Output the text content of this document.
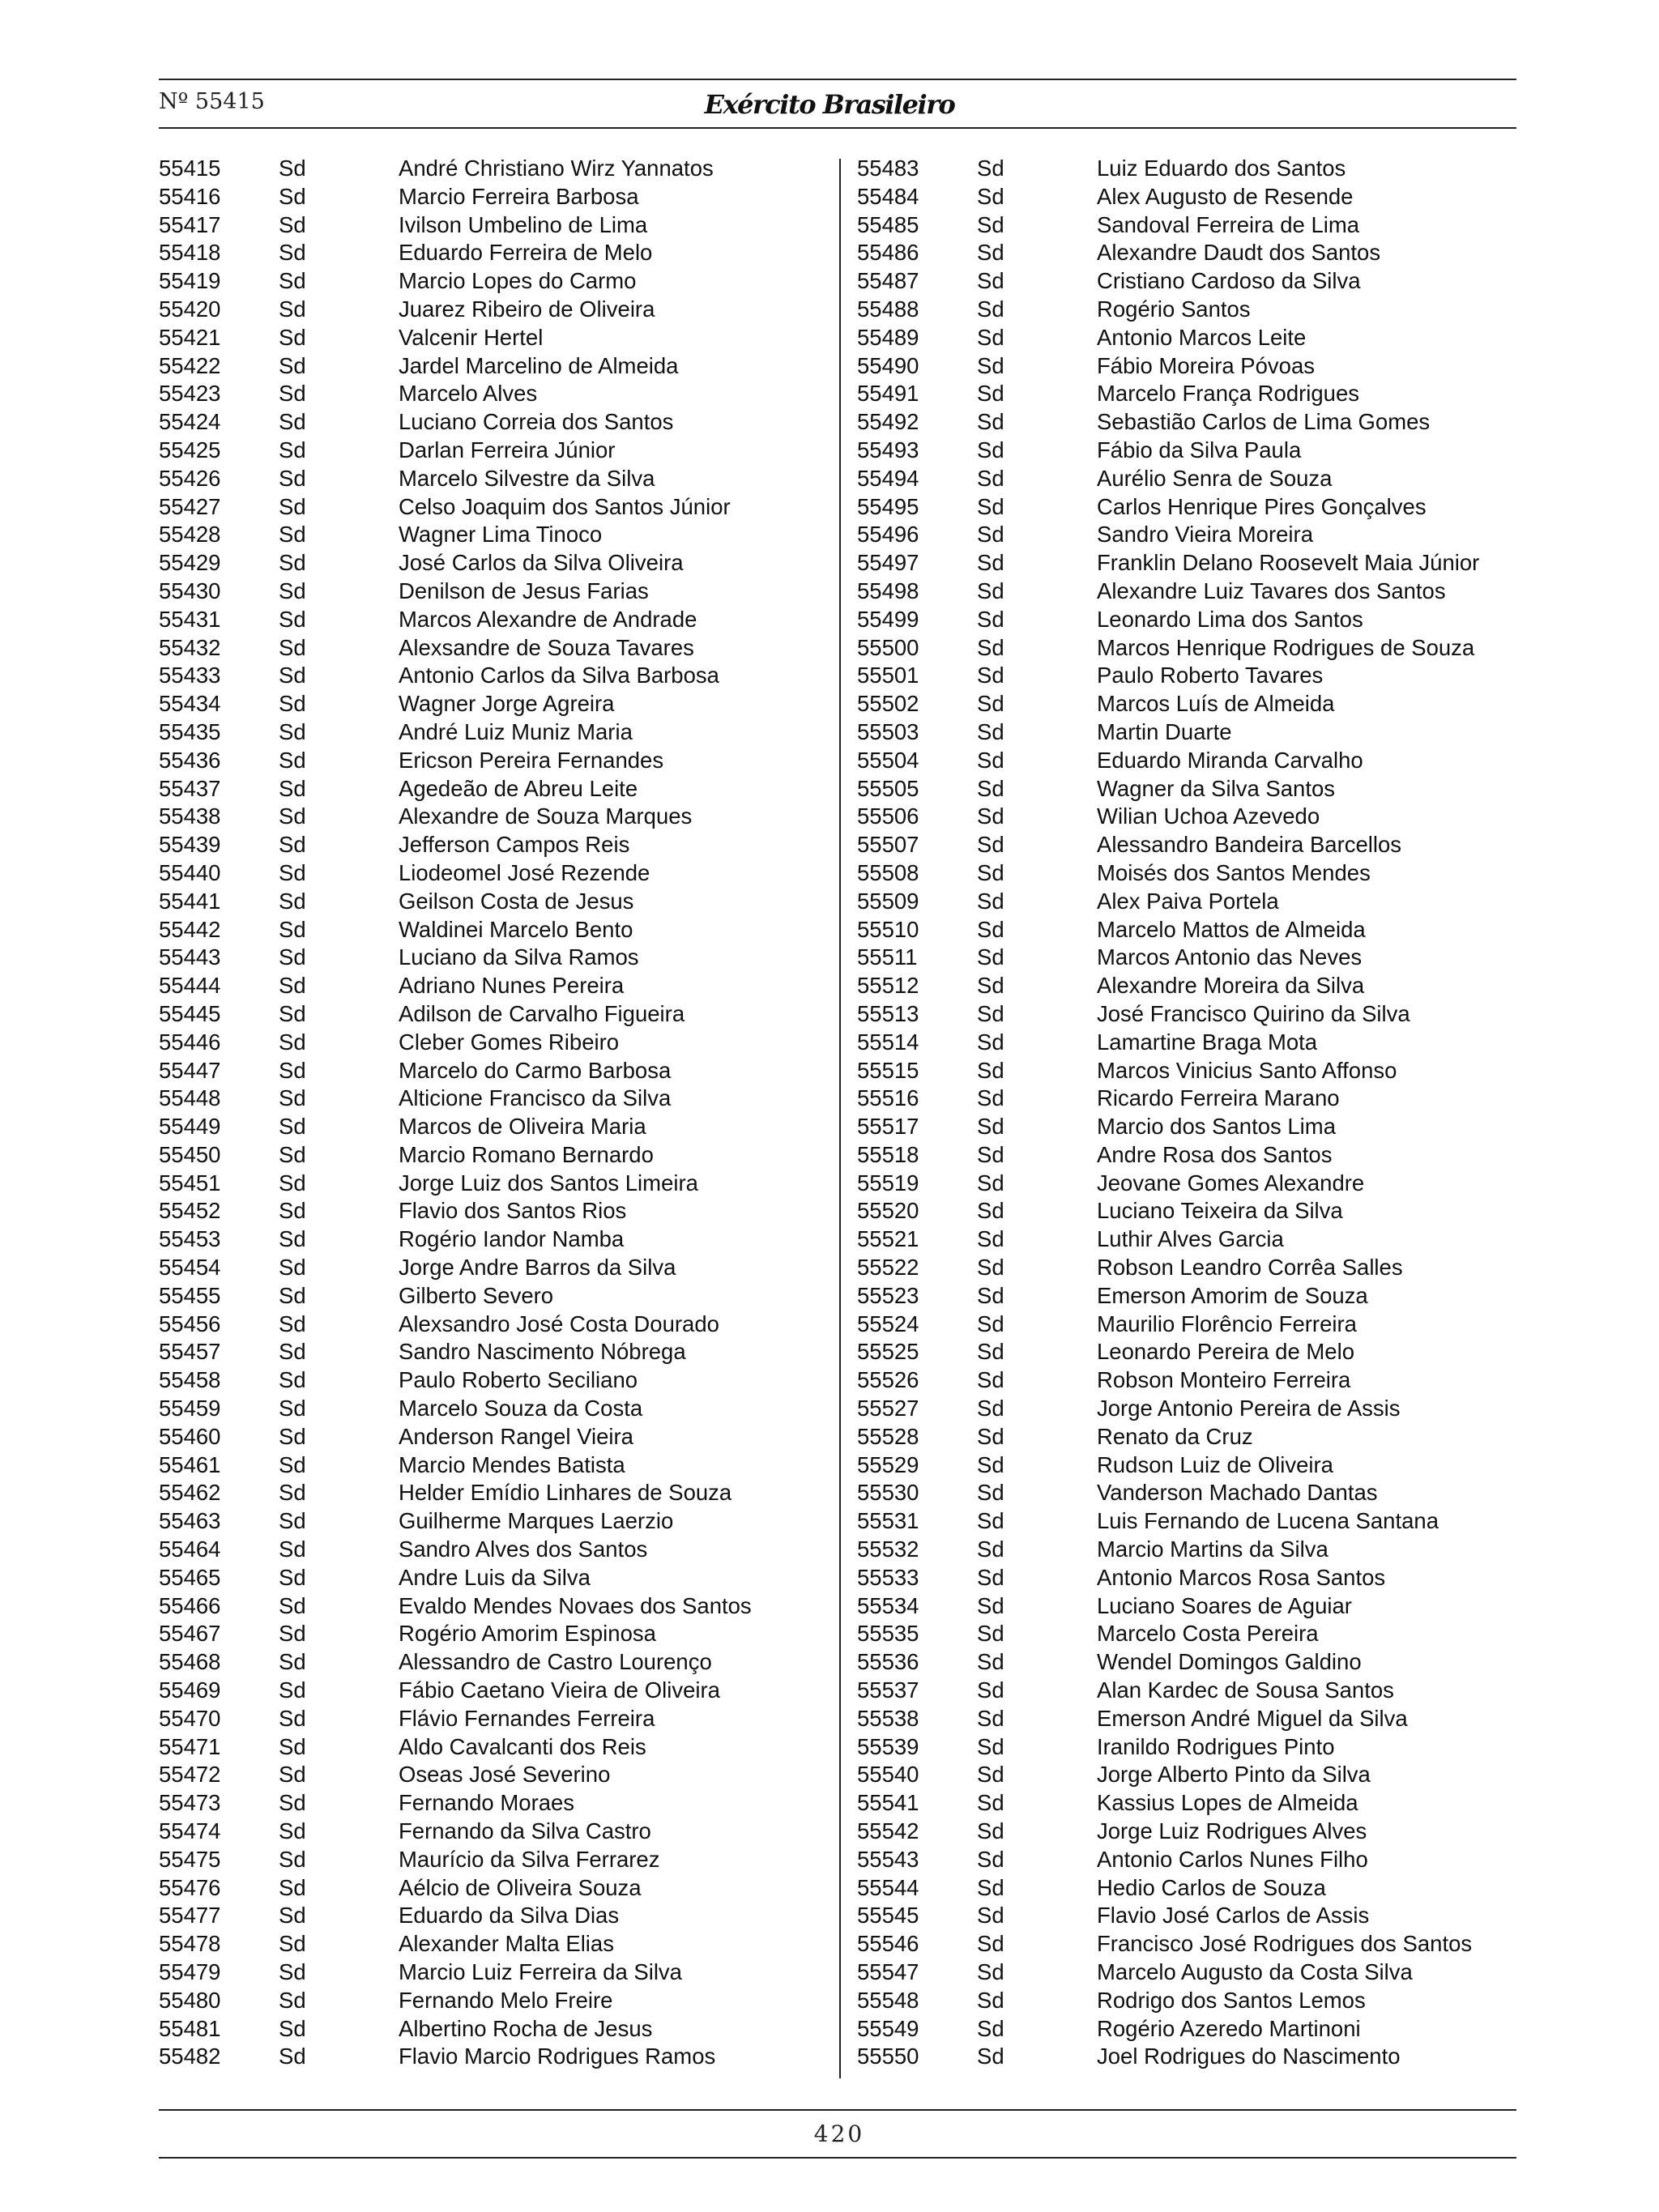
Nº 55415	Exército Brasileiro
55415	Sd	André Christiano Wirz Yannatos
55416	Sd	Marcio Ferreira Barbosa
55417	Sd	Ivilson Umbelino de Lima
55418	Sd	Eduardo Ferreira de Melo
55419	Sd	Marcio Lopes do Carmo
55420	Sd	Juarez Ribeiro de Oliveira
55421	Sd	Valcenir Hertel
55422	Sd	Jardel Marcelino de Almeida
55423	Sd	Marcelo Alves
55424	Sd	Luciano Correia dos Santos
55425	Sd	Darlan Ferreira Júnior
55426	Sd	Marcelo Silvestre da Silva
55427	Sd	Celso Joaquim dos Santos Júnior
55428	Sd	Wagner Lima Tinoco
55429	Sd	José Carlos da Silva Oliveira
55430	Sd	Denilson de Jesus Farias
55431	Sd	Marcos Alexandre de Andrade
55432	Sd	Alexsandre de Souza Tavares
55433	Sd	Antonio Carlos da Silva Barbosa
55434	Sd	Wagner Jorge Agreira
55435	Sd	André Luiz Muniz Maria
55436	Sd	Ericson Pereira Fernandes
55437	Sd	Agedeão de Abreu Leite
55438	Sd	Alexandre de Souza Marques
55439	Sd	Jefferson Campos Reis
55440	Sd	Liodeomel José Rezende
55441	Sd	Geilson Costa de Jesus
55442	Sd	Waldinei Marcelo Bento
55443	Sd	Luciano da Silva Ramos
55444	Sd	Adriano Nunes Pereira
55445	Sd	Adilson de Carvalho Figueira
55446	Sd	Cleber Gomes Ribeiro
55447	Sd	Marcelo do Carmo Barbosa
55448	Sd	Alticione Francisco da Silva
55449	Sd	Marcos de Oliveira Maria
55450	Sd	Marcio Romano Bernardo
55451	Sd	Jorge Luiz dos Santos Limeira
55452	Sd	Flavio dos Santos Rios
55453	Sd	Rogério Iandor Namba
55454	Sd	Jorge Andre Barros da Silva
55455	Sd	Gilberto Severo
55456	Sd	Alexsandro José Costa Dourado
55457	Sd	Sandro Nascimento Nóbrega
55458	Sd	Paulo Roberto Seciliano
55459	Sd	Marcelo Souza da Costa
55460	Sd	Anderson Rangel Vieira
55461	Sd	Marcio Mendes Batista
55462	Sd	Helder Emídio Linhares de Souza
55463	Sd	Guilherme Marques Laerzio
55464	Sd	Sandro Alves dos Santos
55465	Sd	Andre Luis da Silva
55466	Sd	Evaldo Mendes Novaes dos Santos
55467	Sd	Rogério Amorim Espinosa
55468	Sd	Alessandro de Castro Lourenço
55469	Sd	Fábio Caetano Vieira de Oliveira
55470	Sd	Flávio Fernandes Ferreira
55471	Sd	Aldo Cavalcanti dos Reis
55472	Sd	Oseas José Severino
55473	Sd	Fernando Moraes
55474	Sd	Fernando da Silva Castro
55475	Sd	Maurício da Silva Ferrarez
55476	Sd	Aélcio de Oliveira Souza
55477	Sd	Eduardo da Silva Dias
55478	Sd	Alexander Malta Elias
55479	Sd	Marcio Luiz Ferreira da Silva
55480	Sd	Fernando Melo Freire
55481	Sd	Albertino Rocha de Jesus
55482	Sd	Flavio Marcio Rodrigues Ramos
55483	Sd	Luiz Eduardo dos Santos
55484	Sd	Alex Augusto de Resende
55485	Sd	Sandoval Ferreira de Lima
55486	Sd	Alexandre Daudt dos Santos
55487	Sd	Cristiano Cardoso da Silva
55488	Sd	Rogério Santos
55489	Sd	Antonio Marcos Leite
55490	Sd	Fábio Moreira Póvoas
55491	Sd	Marcelo França Rodrigues
55492	Sd	Sebastião Carlos de Lima Gomes
55493	Sd	Fábio da Silva Paula
55494	Sd	Aurélio Senra de Souza
55495	Sd	Carlos Henrique Pires Gonçalves
55496	Sd	Sandro Vieira Moreira
55497	Sd	Franklin Delano Roosevelt Maia Júnior
55498	Sd	Alexandre Luiz Tavares dos Santos
55499	Sd	Leonardo Lima dos Santos
55500	Sd	Marcos Henrique Rodrigues de Souza
55501	Sd	Paulo Roberto Tavares
55502	Sd	Marcos Luís de Almeida
55503	Sd	Martin Duarte
55504	Sd	Eduardo Miranda Carvalho
55505	Sd	Wagner da Silva Santos
55506	Sd	Wilian Uchoa Azevedo
55507	Sd	Alessandro Bandeira Barcellos
55508	Sd	Moisés dos Santos Mendes
55509	Sd	Alex Paiva Portela
55510	Sd	Marcelo Mattos de Almeida
55511	Sd	Marcos Antonio das Neves
55512	Sd	Alexandre Moreira da Silva
55513	Sd	José Francisco Quirino da Silva
55514	Sd	Lamartine Braga Mota
55515	Sd	Marcos Vinicius Santo Affonso
55516	Sd	Ricardo Ferreira Marano
55517	Sd	Marcio dos Santos Lima
55518	Sd	Andre Rosa dos Santos
55519	Sd	Jeovane Gomes Alexandre
55520	Sd	Luciano Teixeira da Silva
55521	Sd	Luthir Alves Garcia
55522	Sd	Robson Leandro Corrêa Salles
55523	Sd	Emerson Amorim de Souza
55524	Sd	Maurilio Florêncio Ferreira
55525	Sd	Leonardo Pereira de Melo
55526	Sd	Robson Monteiro Ferreira
55527	Sd	Jorge Antonio Pereira de Assis
55528	Sd	Renato da Cruz
55529	Sd	Rudson Luiz de Oliveira
55530	Sd	Vanderson Machado Dantas
55531	Sd	Luis Fernando de Lucena Santana
55532	Sd	Marcio Martins da Silva
55533	Sd	Antonio Marcos Rosa Santos
55534	Sd	Luciano Soares de Aguiar
55535	Sd	Marcelo Costa Pereira
55536	Sd	Wendel Domingos Galdino
55537	Sd	Alan Kardec de Sousa Santos
55538	Sd	Emerson André Miguel da Silva
55539	Sd	Iranildo Rodrigues Pinto
55540	Sd	Jorge Alberto Pinto da Silva
55541	Sd	Kassius Lopes de Almeida
55542	Sd	Jorge Luiz Rodrigues Alves
55543	Sd	Antonio Carlos Nunes Filho
55544	Sd	Hedio Carlos de Souza
55545	Sd	Flavio José Carlos de Assis
55546	Sd	Francisco José Rodrigues dos Santos
55547	Sd	Marcelo Augusto da Costa Silva
55548	Sd	Rodrigo dos Santos Lemos
55549	Sd	Rogério Azeredo Martinoni
55550	Sd	Joel Rodrigues do Nascimento
420
